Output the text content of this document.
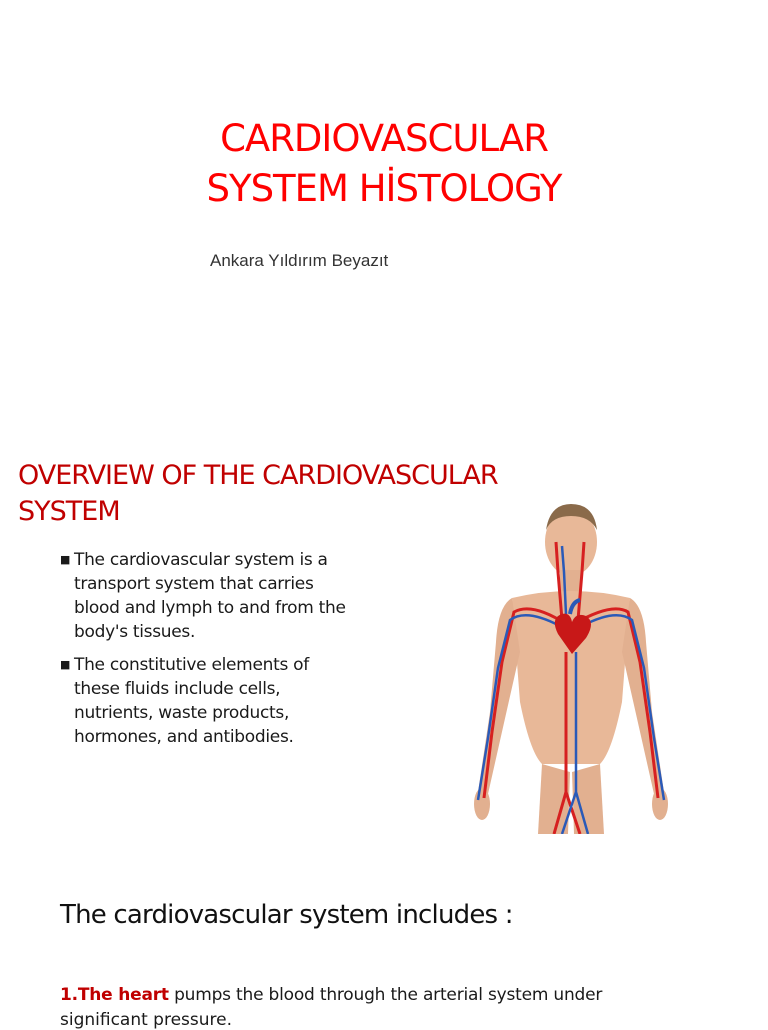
CARDIOVASCULAR
SYSTEM HİSTOLOGY
Ankara Yıldırım Beyazıt
OVERVIEW OF THE CARDIOVASCULAR SYSTEM
■ The cardiovascular system is a transport system that carries blood and lymph to and from the body's tissues.
■ The constitutive elements of these fluids include cells, nutrients, waste products, hormones, and antibodies.
The cardiovascular system includes :

1.The heart pumps the blood through the arterial system under

significant pressure.
